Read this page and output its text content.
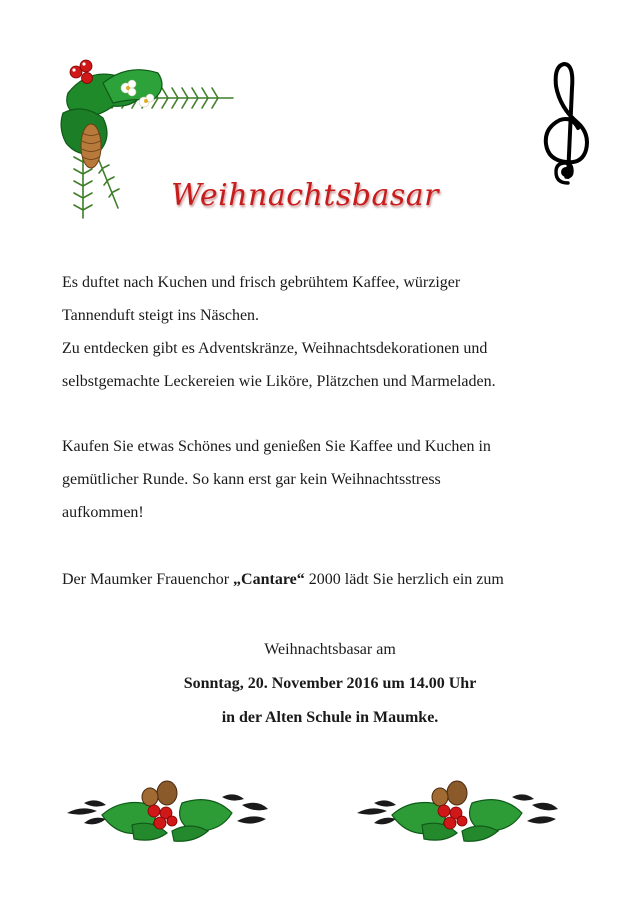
Weihnachtsbasar
Es duftet nach Kuchen und frisch gebrühtem Kaffee, würziger
Tannenduft steigt ins Näschen.
Zu entdecken gibt es Adventskränze, Weihnachtsdekorationen und
selbstgemachte Leckereien wie Liköre, Plätzchen und Marmeladen.
Kaufen Sie etwas Schönes und genießen Sie Kaffee und Kuchen in
gemütlicher Runde. So kann erst gar kein Weihnachtsstress
aufkommen!
Der Maumker Frauenchor „Cantare“ 2000 lädt Sie herzlich ein zum
Weihnachtsbasar am
Sonntag, 20. November 2016 um 14.00 Uhr
in der Alten Schule in Maumke.
